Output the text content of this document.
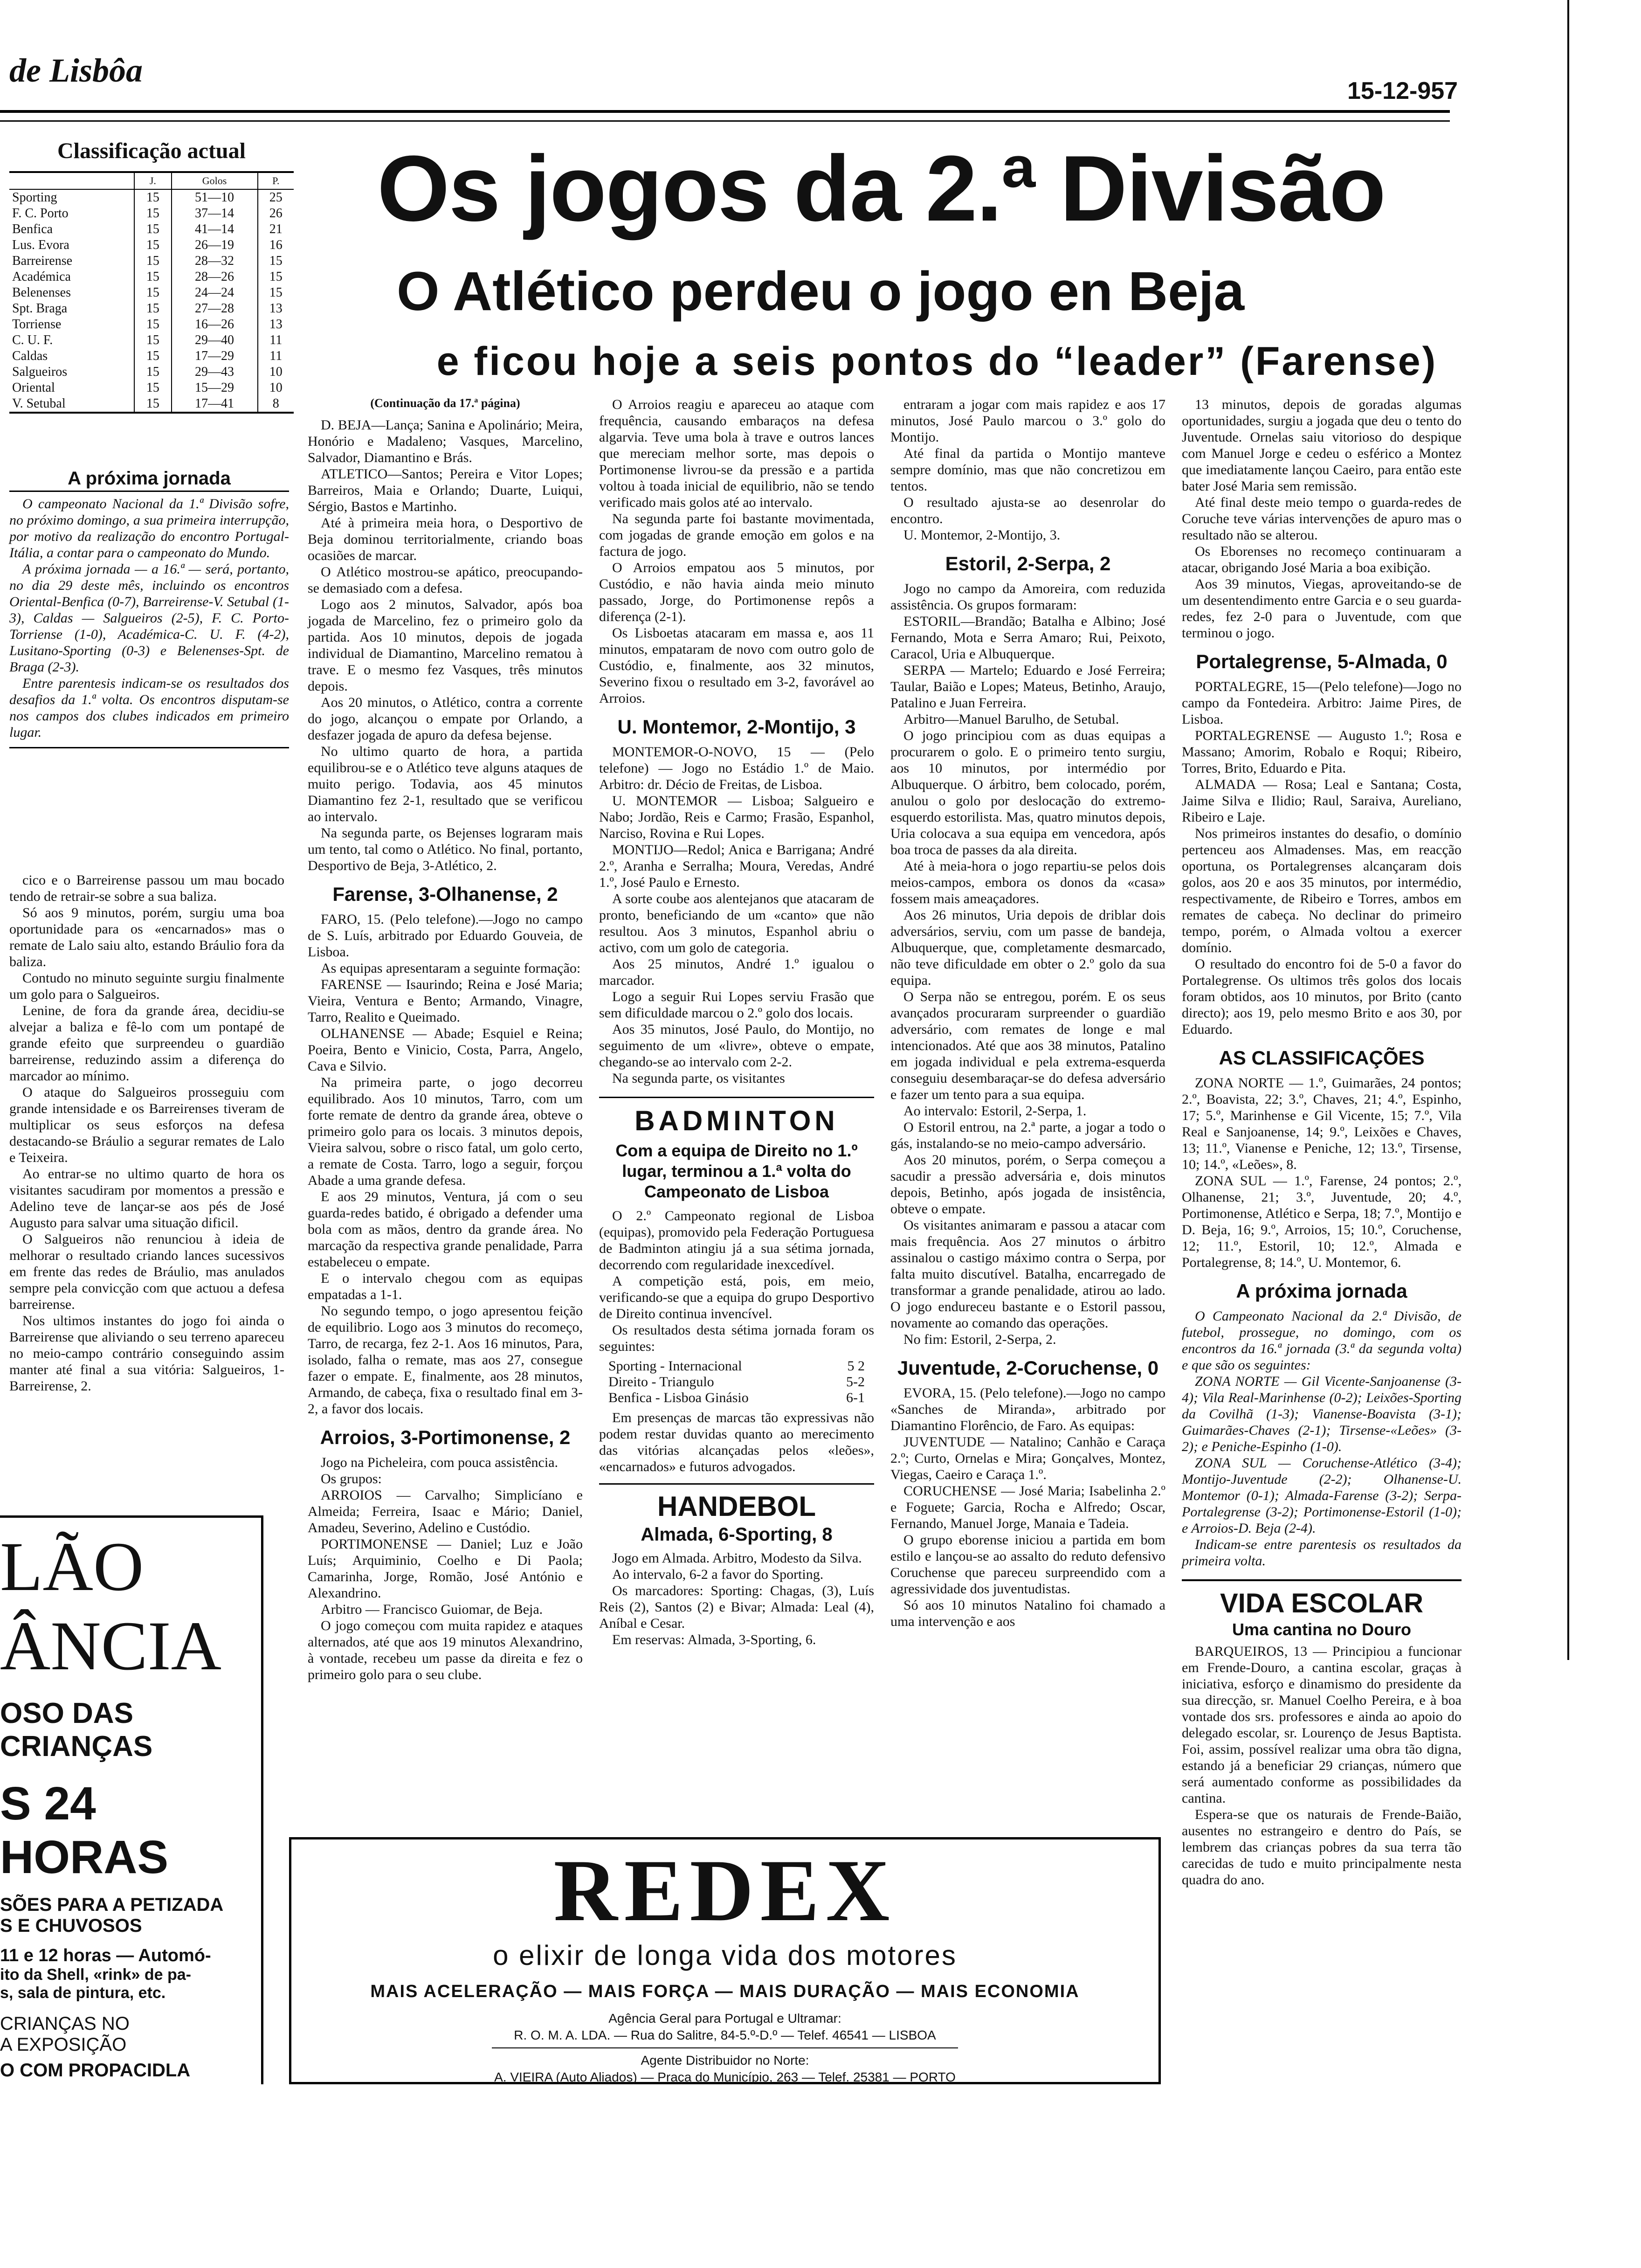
de Lisbôa
15-12-957
Classificação actual
	J.	Golos	P.
Sporting	15	51—10	25
F. C. Porto	15	37—14	26
Benfica	15	41—14	21
Lus. Evora	15	26—19	16
Barreirense	15	28—32	15
Académica	15	28—26	15
Belenenses	15	24—24	15
Spt. Braga	15	27—28	13
Torriense	15	16—26	13
C. U. F.	15	29—40	11
Caldas	15	17—29	11
Salgueiros	15	29—43	10
Oriental	15	15—29	10
V. Setubal	15	17—41	8
A próxima jornada

O campeonato Nacional da 1.ª Divisão sofre, no próximo domingo, a sua primeira interrupção, por motivo da realização do encontro Portugal-Itália, a contar para o campeonato do Mundo.

A próxima jornada — a 16.ª — será, portanto, no dia 29 deste mês, incluindo os encontros Oriental-Benfica (0-7), Barreirense-V. Setubal (1-3), Caldas — Salgueiros (2-5), F. C. Porto-Torriense (1-0), Académica-C. U. F. (4-2), Lusitano-Sporting (0-3) e Belenenses-Spt. de Braga (2-3).

Entre parentesis indicam-se os resultados dos desafios da 1.ª volta. Os encontros disputam-se nos campos dos clubes indicados em primeiro lugar.

cico e o Barreirense passou um mau bocado tendo de retrair-se sobre a sua baliza.

Só aos 9 minutos, porém, surgiu uma boa oportunidade para os «encarnados» mas o remate de Lalo saiu alto, estando Bráulio fora da baliza.

Contudo no minuto seguinte surgiu finalmente um golo para o Salgueiros.

Lenine, de fora da grande área, decidiu-se alvejar a baliza e fê-lo com um pontapé de grande efeito que surpreendeu o guardião barreirense, reduzindo assim a diferença do marcador ao mínimo.

O ataque do Salgueiros prosseguiu com grande intensidade e os Barreirenses tiveram de multiplicar os seus esforços na defesa destacando-se Bráulio a segurar remates de Lalo e Teixeira.

Ao entrar-se no ultimo quarto de hora os visitantes sacudiram por momentos a pressão e Adelino teve de lançar-se aos pés de José Augusto para salvar uma situação dificil.

O Salgueiros não renunciou à ideia de melhorar o resultado criando lances sucessivos em frente das redes de Bráulio, mas anulados sempre pela convicção com que actuou a defesa barreirense.

Nos ultimos instantes do jogo foi ainda o Barreirense que aliviando o seu terreno apareceu no meio-campo contrário conseguindo assim manter até final a sua vitória: Salgueiros, 1-Barreirense, 2.

LÃO
ÂNCIA
OSO DAS CRIANÇAS
S 24 HORAS
SÕES PARA A PETIZADA
S E CHUVOSOS
11 e 12 horas — Automó-
ito da Shell, «rink» de pa-
s, sala de pintura, etc.
CRIANÇAS NO
A EXPOSIÇÃO
O COM PROPACIDLA
Os jogos da 2.ª Divisão
O Atlético perdeu o jogo en Beja
e ficou hoje a seis pontos do “leader” (Farense)
(Continuação da 17.ª página)

D. BEJA—Lança; Sanina e Apolinário; Meira, Honório e Madaleno; Vasques, Marcelino, Salvador, Diamantino e Brás.

ATLETICO—Santos; Pereira e Vitor Lopes; Barreiros, Maia e Orlando; Duarte, Luiqui, Sérgio, Bastos e Martinho.

Até à primeira meia hora, o Desportivo de Beja dominou territorialmente, criando boas ocasiões de marcar.

O Atlético mostrou-se apático, preocupando-se demasiado com a defesa.

Logo aos 2 minutos, Salvador, após boa jogada de Marcelino, fez o primeiro golo da partida. Aos 10 minutos, depois de jogada individual de Diamantino, Marcelino rematou à trave. E o mesmo fez Vasques, três minutos depois.

Aos 20 minutos, o Atlético, contra a corrente do jogo, alcançou o empate por Orlando, a desfazer jogada de apuro da defesa bejense.

No ultimo quarto de hora, a partida equilibrou-se e o Atlético teve alguns ataques de muito perigo. Todavia, aos 45 minutos Diamantino fez 2-1, resultado que se verificou ao intervalo.

Na segunda parte, os Bejenses lograram mais um tento, tal como o Atlético. No final, portanto, Desportivo de Beja, 3-Atlético, 2.

Farense, 3-Olhanense, 2

FARO, 15. (Pelo telefone).—Jogo no campo de S. Luís, arbitrado por Eduardo Gouveia, de Lisboa.

As equipas apresentaram a seguinte formação:

FARENSE — Isaurindo; Reina e José Maria; Vieira, Ventura e Bento; Armando, Vinagre, Tarro, Realito e Queimado.

OLHANENSE — Abade; Esquiel e Reina; Poeira, Bento e Vinicio, Costa, Parra, Angelo, Cava e Silvio.

Na primeira parte, o jogo decorreu equilibrado. Aos 10 minutos, Tarro, com um forte remate de dentro da grande área, obteve o primeiro golo para os locais. 3 minutos depois, Vieira salvou, sobre o risco fatal, um golo certo, a remate de Costa. Tarro, logo a seguir, forçou Abade a uma grande defesa.

E aos 29 minutos, Ventura, já com o seu guarda-redes batido, é obrigado a defender uma bola com as mãos, dentro da grande área. No marcação da respectiva grande penalidade, Parra estabeleceu o empate.

E o intervalo chegou com as equipas empatadas a 1-1.

No segundo tempo, o jogo apresentou feição de equilibrio. Logo aos 3 minutos do recomeço, Tarro, de recarga, fez 2-1. Aos 16 minutos, Para, isolado, falha o remate, mas aos 27, consegue fazer o empate. E, finalmente, aos 28 minutos, Armando, de cabeça, fixa o resultado final em 3-2, a favor dos locais.

Arroios, 3-Portimonense, 2

Jogo na Picheleira, com pouca assistência.

Os grupos:

ARROIOS — Carvalho; Simplicíano e Almeida; Ferreira, Isaac e Mário; Daniel, Amadeu, Severino, Adelino e Custódio.

PORTIMONENSE — Daniel; Luz e João Luís; Arquiminio, Coelho e Di Paola; Camarinha, Jorge, Romão, José António e Alexandrino.

Arbitro — Francisco Guiomar, de Beja.

O jogo começou com muita rapidez e ataques alternados, até que aos 19 minutos Alexandrino, à vontade, recebeu um passe da direita e fez o primeiro golo para o seu clube.

O Arroios reagiu e apareceu ao ataque com frequência, causando embaraços na defesa algarvia. Teve uma bola à trave e outros lances que mereciam melhor sorte, mas depois o Portimonense livrou-se da pressão e a partida voltou à toada inicial de equilibrio, não se tendo verificado mais golos até ao intervalo.

Na segunda parte foi bastante movimentada, com jogadas de grande emoção em golos e na factura de jogo.

O Arroios empatou aos 5 minutos, por Custódio, e não havia ainda meio minuto passado, Jorge, do Portimonense repôs a diferença (2-1).

Os Lisboetas atacaram em massa e, aos 11 minutos, empataram de novo com outro golo de Custódio, e, finalmente, aos 32 minutos, Severino fixou o resultado em 3-2, favorável ao Arroios.

U. Montemor, 2-Montijo, 3

MONTEMOR-O-NOVO, 15 — (Pelo telefone) — Jogo no Estádio 1.º de Maio. Arbitro: dr. Décio de Freitas, de Lisboa.

U. MONTEMOR — Lisboa; Salgueiro e Nabo; Jordão, Reis e Carmo; Frasão, Espanhol, Narciso, Rovina e Rui Lopes.

MONTIJO—Redol; Anica e Barrigana; André 2.º, Aranha e Serralha; Moura, Veredas, André 1.º, José Paulo e Ernesto.

A sorte coube aos alentejanos que atacaram de pronto, beneficiando de um «canto» que não resultou. Aos 3 minutos, Espanhol abriu o activo, com um golo de categoria.

Aos 25 minutos, André 1.º igualou o marcador.

Logo a seguir Rui Lopes serviu Frasão que sem dificuldade marcou o 2.º golo dos locais.

Aos 35 minutos, José Paulo, do Montijo, no seguimento de um «livre», obteve o empate, chegando-se ao intervalo com 2-2.

Na segunda parte, os visitantes

BADMINTON
Com a equipa de Direito no 1.º lugar, terminou a 1.ª volta do Campeonato de Lisboa

O 2.º Campeonato regional de Lisboa (equipas), promovido pela Federação Portuguesa de Badminton atingiu já a sua sétima jornada, decorrendo com regularidade inexcedível.

A competição está, pois, em meio, verificando-se que a equipa do grupo Desportivo de Direito continua invencível.

Os resultados desta sétima jornada foram os seguintes:

Sporting - Internacional	5 2
Direito - Triangulo	5-2
Benfica - Lisboa Ginásio	6-1

Em presenças de marcas tão expressivas não podem restar duvidas quanto ao merecimento das vitórias alcançadas pelos «leões», «encarnados» e futuros advogados.

HANDEBOL
Almada, 6-Sporting, 8

Jogo em Almada. Arbitro, Modesto da Silva.

Ao intervalo, 6-2 a favor do Sporting.

Os marcadores: Sporting: Chagas, (3), Luís Reis (2), Santos (2) e Bivar; Almada: Leal (4), Aníbal e Cesar.

Em reservas: Almada, 3-Sporting, 6.

entraram a jogar com mais rapidez e aos 17 minutos, José Paulo marcou o 3.º golo do Montijo.

Até final da partida o Montijo manteve sempre domínio, mas que não concretizou em tentos.

O resultado ajusta-se ao desenrolar do encontro.

U. Montemor, 2-Montijo, 3.

Estoril, 2-Serpa, 2

Jogo no campo da Amoreira, com reduzida assistência. Os grupos formaram:

ESTORIL—Brandão; Batalha e Albino; José Fernando, Mota e Serra Amaro; Rui, Peixoto, Caracol, Uria e Albuquerque.

SERPA — Martelo; Eduardo e José Ferreira; Taular, Baião e Lopes; Mateus, Betinho, Araujo, Patalino e Juan Ferreira.

Arbitro—Manuel Barulho, de Setubal.

O jogo principiou com as duas equipas a procurarem o golo. E o primeiro tento surgiu, aos 10 minutos, por intermédio por Albuquerque. O árbitro, bem colocado, porém, anulou o golo por deslocação do extremo-esquerdo estorilista. Mas, quatro minutos depois, Uria colocava a sua equipa em vencedora, após boa troca de passes da ala direita.

Até à meia-hora o jogo repartiu-se pelos dois meios-campos, embora os donos da «casa» fossem mais ameaçadores.

Aos 26 minutos, Uria depois de driblar dois adversários, serviu, com um passe de bandeja, Albuquerque, que, completamente desmarcado, não teve dificuldade em obter o 2.º golo da sua equipa.

O Serpa não se entregou, porém. E os seus avançados procuraram surpreender o guardião adversário, com remates de longe e mal intencionados. Até que aos 38 minutos, Patalino em jogada individual e pela extrema-esquerda conseguiu desembaraçar-se do defesa adversário e fazer um tento para a sua equipa.

Ao intervalo: Estoril, 2-Serpa, 1.

O Estoril entrou, na 2.ª parte, a jogar a todo o gás, instalando-se no meio-campo adversário.

Aos 20 minutos, porém, o Serpa começou a sacudir a pressão adversária e, dois minutos depois, Betinho, após jogada de insistência, obteve o empate.

Os visitantes animaram e passou a atacar com mais frequência. Aos 27 minutos o árbitro assinalou o castigo máximo contra o Serpa, por falta muito discutível. Batalha, encarregado de transformar a grande penalidade, atirou ao lado. O jogo endureceu bastante e o Estoril passou, novamente ao comando das operações.

No fim: Estoril, 2-Serpa, 2.

Juventude, 2-Coruchense, 0

EVORA, 15. (Pelo telefone).—Jogo no campo «Sanches de Miranda», arbitrado por Diamantino Florêncio, de Faro. As equipas:

JUVENTUDE — Natalino; Canhão e Caraça 2.º; Curto, Ornelas e Mira; Gonçalves, Montez, Viegas, Caeiro e Caraça 1.º.

CORUCHENSE — José Maria; Isabelinha 2.º e Foguete; Garcia, Rocha e Alfredo; Oscar, Fernando, Manuel Jorge, Manaia e Tadeia.

O grupo eborense iniciou a partida em bom estilo e lançou-se ao assalto do reduto defensivo Coruchense que pareceu surpreendido com a agressividade dos juventudistas.

Só aos 10 minutos Natalino foi chamado a uma intervenção e aos

13 minutos, depois de goradas algumas oportunidades, surgiu a jogada que deu o tento do Juventude. Ornelas saiu vitorioso do despique com Manuel Jorge e cedeu o esférico a Montez que imediatamente lançou Caeiro, para então este bater José Maria sem remissão.

Até final deste meio tempo o guarda-redes de Coruche teve várias intervenções de apuro mas o resultado não se alterou.

Os Eborenses no recomeço continuaram a atacar, obrigando José Maria a boa exibição.

Aos 39 minutos, Viegas, aproveitando-se de um desentendimento entre Garcia e o seu guarda-redes, fez 2-0 para o Juventude, com que terminou o jogo.

Portalegrense, 5-Almada, 0

PORTALEGRE, 15—(Pelo telefone)—Jogo no campo da Fontedeira. Arbitro: Jaime Pires, de Lisboa.

PORTALEGRENSE — Augusto 1.º; Rosa e Massano; Amorim, Robalo e Roqui; Ribeiro, Torres, Brito, Eduardo e Pita.

ALMADA — Rosa; Leal e Santana; Costa, Jaime Silva e Ilidio; Raul, Saraiva, Aureliano, Ribeiro e Laje.

Nos primeiros instantes do desafio, o domínio pertenceu aos Almadenses. Mas, em reacção oportuna, os Portalegrenses alcançaram dois golos, aos 20 e aos 35 minutos, por intermédio, respectivamente, de Ribeiro e Torres, ambos em remates de cabeça. No declinar do primeiro tempo, porém, o Almada voltou a exercer domínio.

O resultado do encontro foi de 5-0 a favor do Portalegrense. Os ultimos três golos dos locais foram obtidos, aos 10 minutos, por Brito (canto directo); aos 19, pelo mesmo Brito e aos 30, por Eduardo.

AS CLASSIFICAÇÕES

ZONA NORTE — 1.º, Guimarães, 24 pontos; 2.º, Boavista, 22; 3.º, Chaves, 21; 4.º, Espinho, 17; 5.º, Marinhense e Gil Vicente, 15; 7.º, Vila Real e Sanjoanense, 14; 9.º, Leixões e Chaves, 13; 11.º, Vianense e Peniche, 12; 13.º, Tirsense, 10; 14.º, «Leões», 8.

ZONA SUL — 1.º, Farense, 24 pontos; 2.º, Olhanense, 21; 3.º, Juventude, 20; 4.º, Portimonense, Atlético e Serpa, 18; 7.º, Montijo e D. Beja, 16; 9.º, Arroios, 15; 10.º, Coruchense, 12; 11.º, Estoril, 10; 12.º, Almada e Portalegrense, 8; 14.º, U. Montemor, 6.

A próxima jornada

O Campeonato Nacional da 2.ª Divisão, de futebol, prossegue, no domingo, com os encontros da 16.ª jornada (3.ª da segunda volta) e que são os seguintes:

ZONA NORTE — Gil Vicente-Sanjoanense (3-4); Vila Real-Marinhense (0-2); Leixões-Sporting da Covilhã (1-3); Vianense-Boavista (3-1); Guimarães-Chaves (2-1); Tirsense-«Leões» (3-2); e Peniche-Espinho (1-0).

ZONA SUL — Coruchense-Atlético (3-4); Montijo-Juventude (2-2); Olhanense-U. Montemor (0-1); Almada-Farense (3-2); Serpa-Portalegrense (3-2); Portimonense-Estoril (1-0); e Arroios-D. Beja (2-4).

Indicam-se entre parentesis os resultados da primeira volta.

VIDA ESCOLAR
Uma cantina no Douro

BARQUEIROS, 13 — Principiou a funcionar em Frende-Douro, a cantina escolar, graças à iniciativa, esforço e dinamismo do presidente da sua direcção, sr. Manuel Coelho Pereira, e à boa vontade dos srs. professores e ainda ao apoio do delegado escolar, sr. Lourenço de Jesus Baptista. Foi, assim, possível realizar uma obra tão digna, estando já a beneficiar 29 crianças, número que será aumentado conforme as possibilidades da cantina.

Espera-se que os naturais de Frende-Baião, ausentes no estrangeiro e dentro do País, se lembrem das crianças pobres da sua terra tão carecidas de tudo e muito principalmente nesta quadra do ano.

REDEX
o elixir de longa vida dos motores
MAIS ACELERAÇÃO — MAIS FORÇA — MAIS DURAÇÃO — MAIS ECONOMIA
Agência Geral para Portugal e Ultramar:
R. O. M. A. LDA. — Rua do Salitre, 84-5.º-D.º — Telef. 46541 — LISBOA
Agente Distribuidor no Norte:
A. VIEIRA (Auto Aliados) — Praça do Município, 263 — Telef. 25381 — PORTO
